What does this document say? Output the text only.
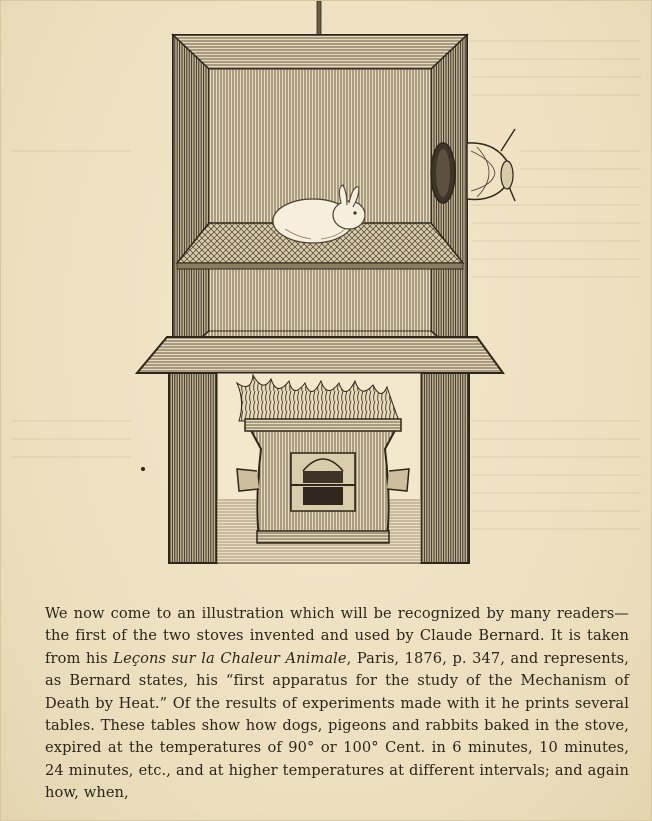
We now come to an illustration which will be recognized by many readers—the first of the two stoves invented and used by Claude Bernard. It is taken from his Leçons sur la Chaleur Animale, Paris, 1876, p. 347, and represents, as Bernard states, his “first apparatus for the study of the Mechanism of Death by Heat.” Of the results of experiments made with it he prints several tables. These tables show how dogs, pigeons and rabbits baked in the stove, expired at the temperatures of 90° or 100° Cent. in 6 minutes, 10 minutes, 24 minutes, etc., and at higher temperatures at different intervals; and again how, when,
